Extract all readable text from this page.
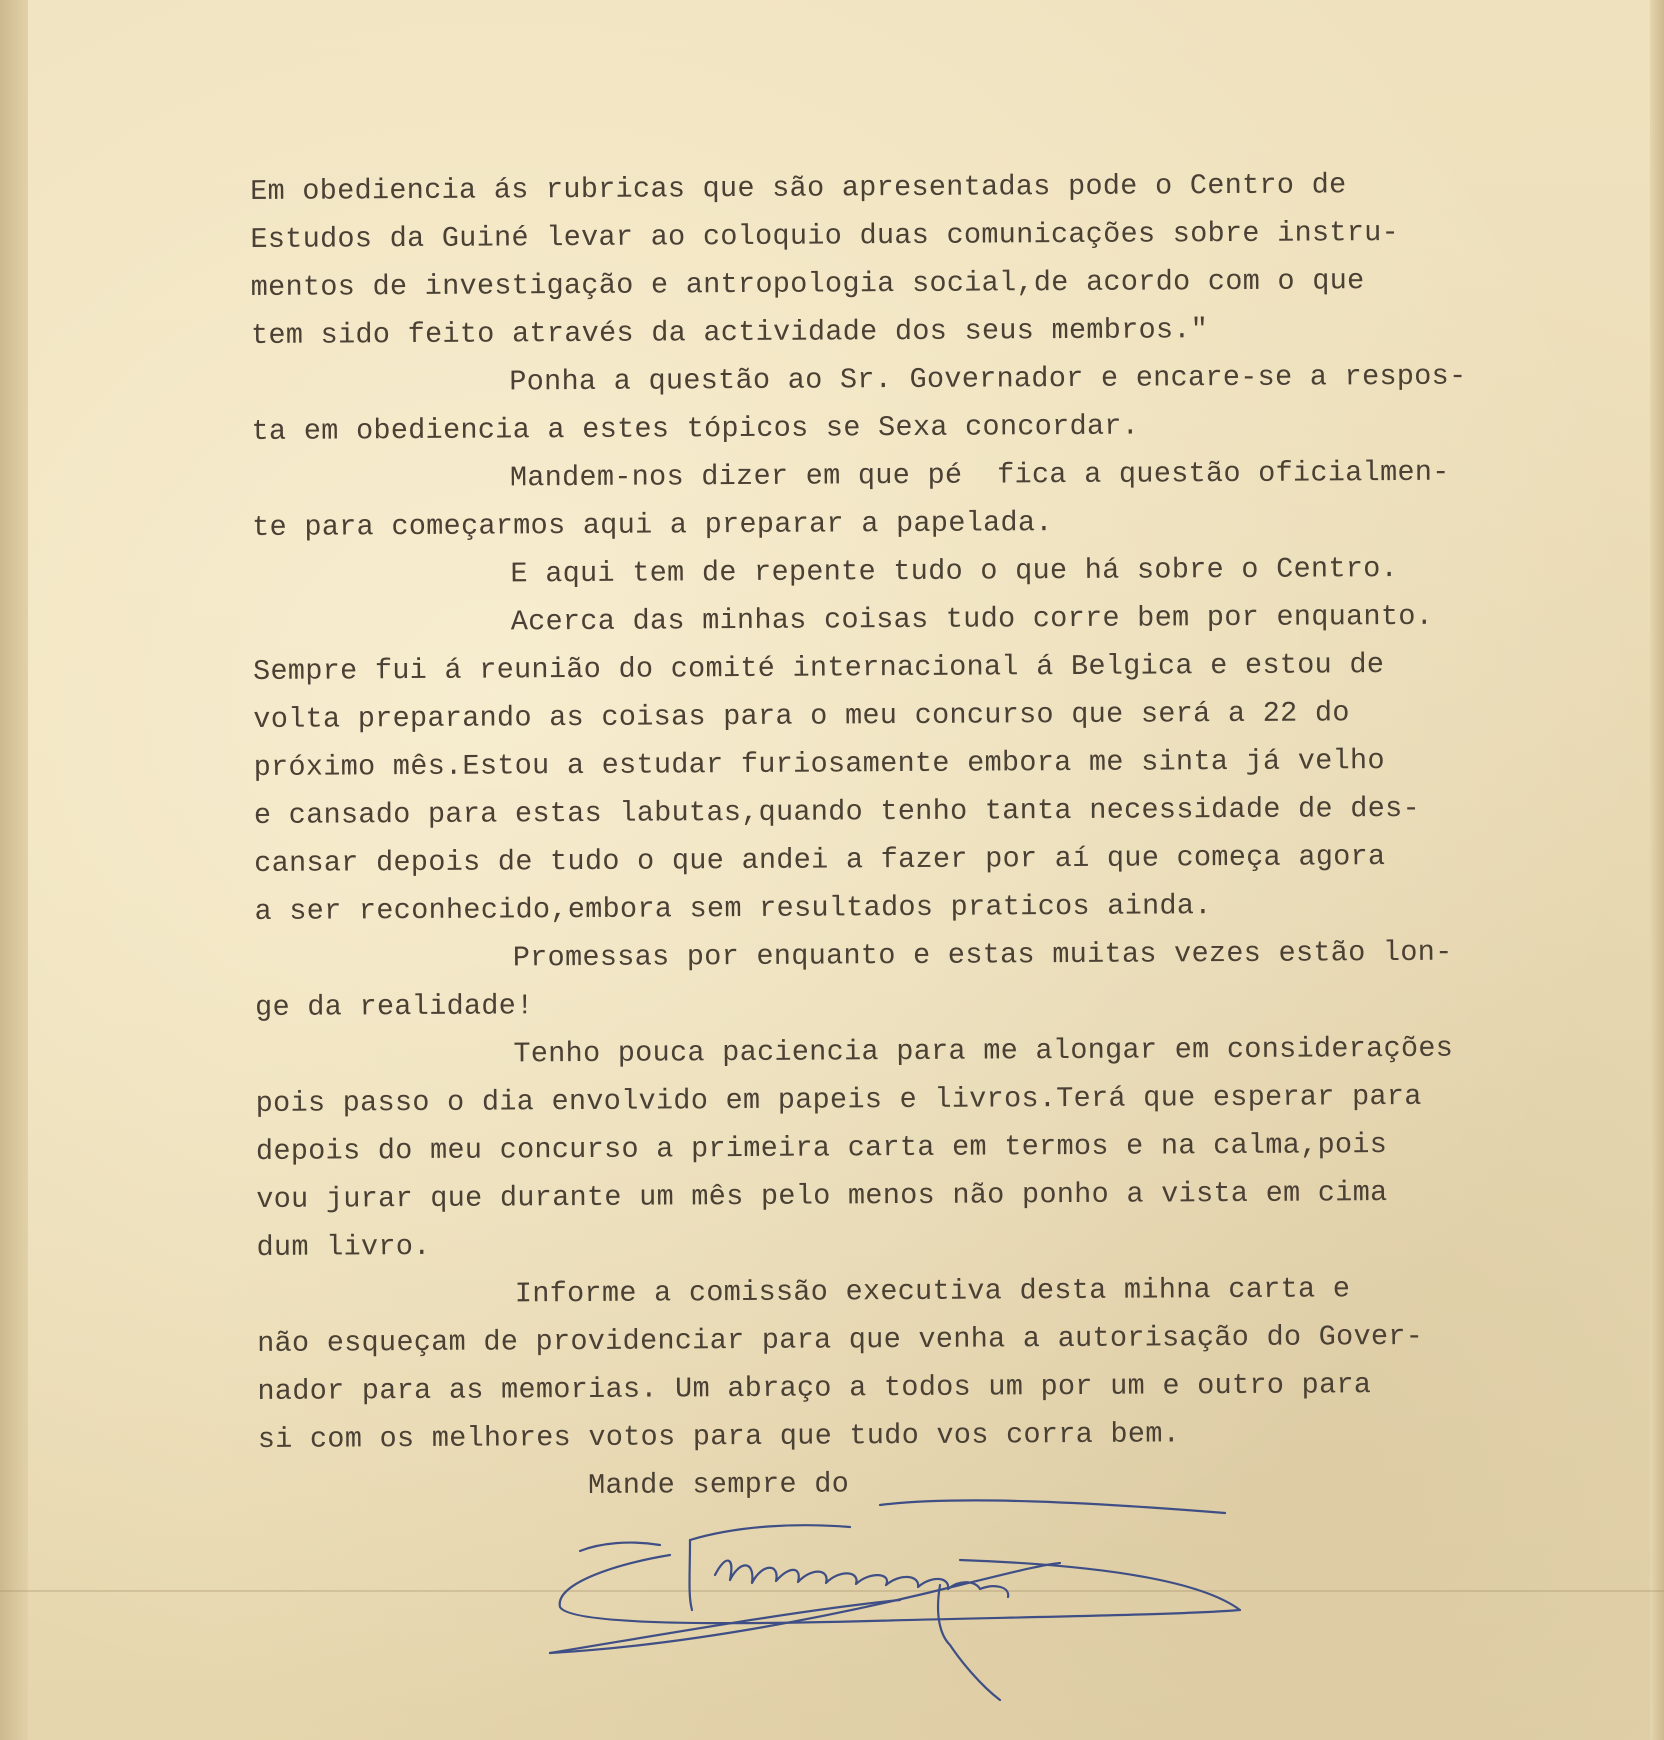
Em obediencia ás rubricas que são apresentadas pode o Centro de
Estudos da Guiné levar ao coloquio duas comunicações sobre instru-
mentos de investigação e antropologia social,de acordo com o que
tem sido feito através da actividade dos seus membros."
Ponha a questão ao Sr. Governador e encare-se a respos-
ta em obediencia a estes tópicos se Sexa concordar.
Mandem-nos dizer em que pé  fica a questão oficialmen-
te para começarmos aqui a preparar a papelada.
E aqui tem de repente tudo o que há sobre o Centro.
Acerca das minhas coisas tudo corre bem por enquanto.
Sempre fui á reunião do comité internacional á Belgica e estou de
volta preparando as coisas para o meu concurso que será a 22 do
próximo mês.Estou a estudar furiosamente embora me sinta já velho
e cansado para estas labutas,quando tenho tanta necessidade de des-
cansar depois de tudo o que andei a fazer por aí que começa agora
a ser reconhecido,embora sem resultados praticos ainda.
Promessas por enquanto e estas muitas vezes estão lon-
ge da realidade!
Tenho pouca paciencia para me alongar em considerações
pois passo o dia envolvido em papeis e livros.Terá que esperar para
depois do meu concurso a primeira carta em termos e na calma,pois
vou jurar que durante um mês pelo menos não ponho a vista em cima
dum livro.
Informe a comissão executiva desta mihna carta e
não esqueçam de providenciar para que venha a autorisação do Gover-
nador para as memorias. Um abraço a todos um por um e outro para
si com os melhores votos para que tudo vos corra bem.
Mande sempre do
